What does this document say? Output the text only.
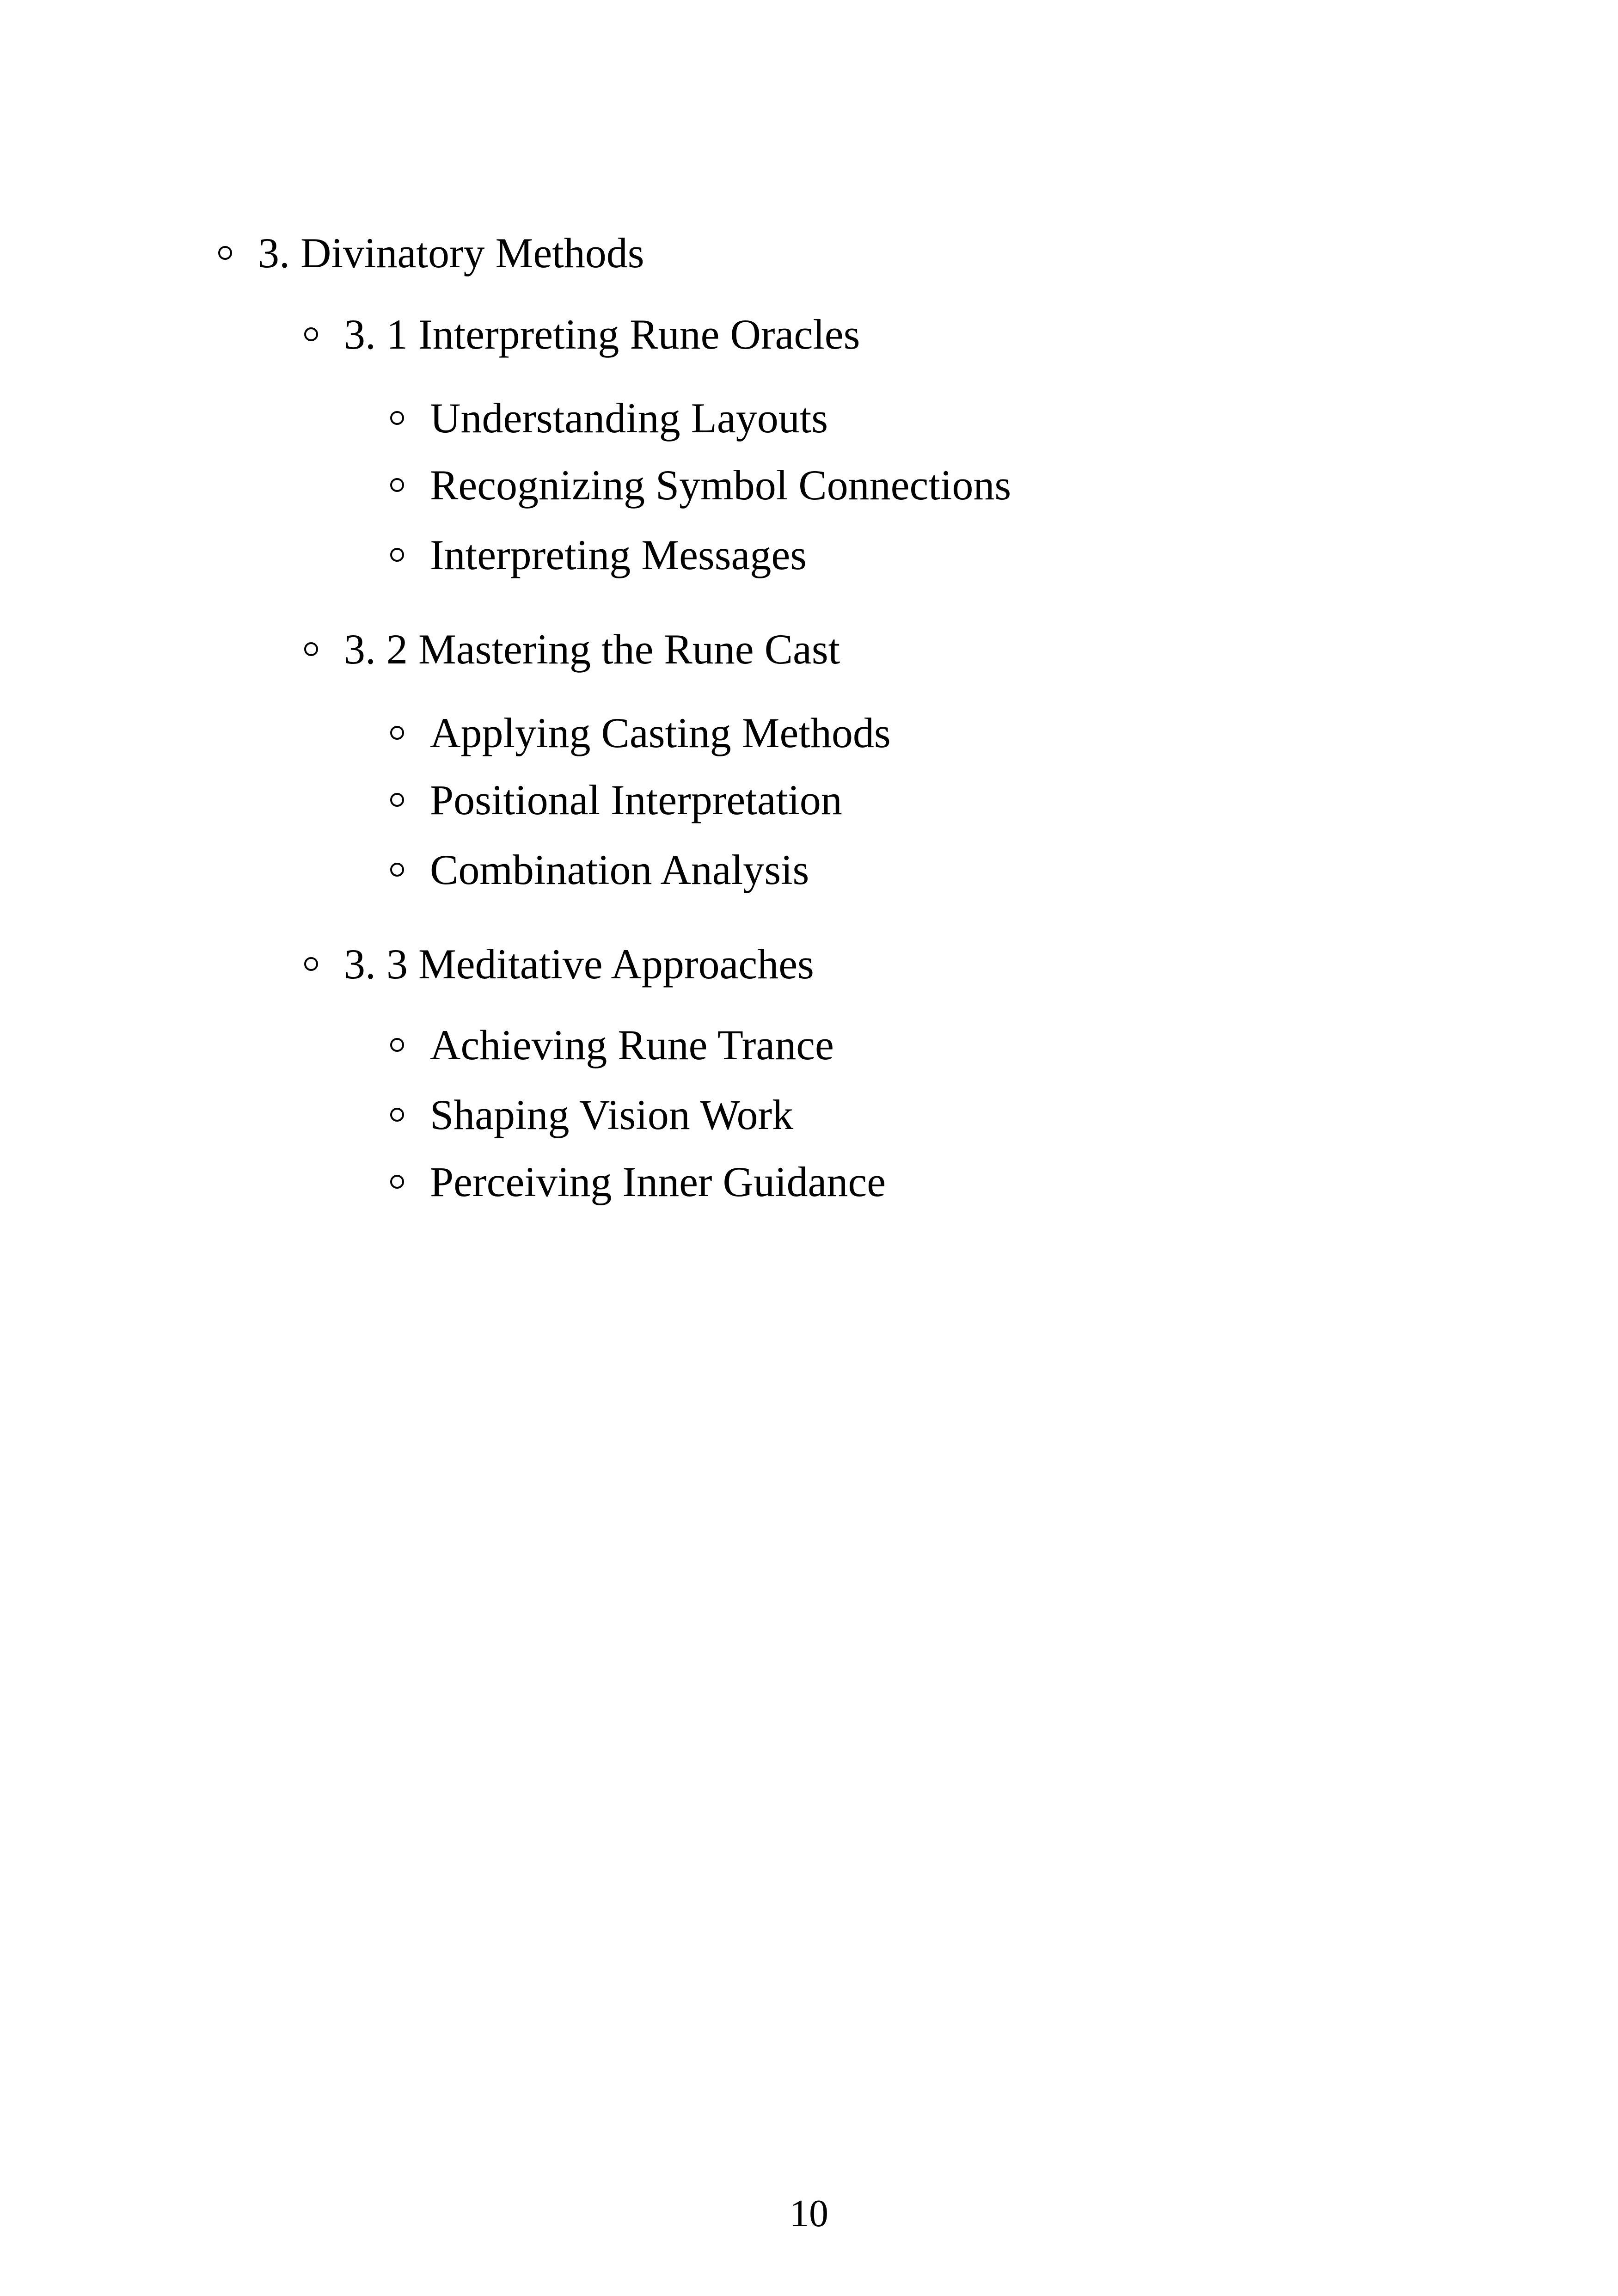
3. Divinatory Methods
3. 1 Interpreting Rune Oracles
Understanding Layouts
Recognizing Symbol Connections
Interpreting Messages
3. 2 Mastering the Rune Cast
Applying Casting Methods
Positional Interpretation
Combination Analysis
3. 3 Meditative Approaches
Achieving Rune Trance
Shaping Vision Work
Perceiving Inner Guidance
10
